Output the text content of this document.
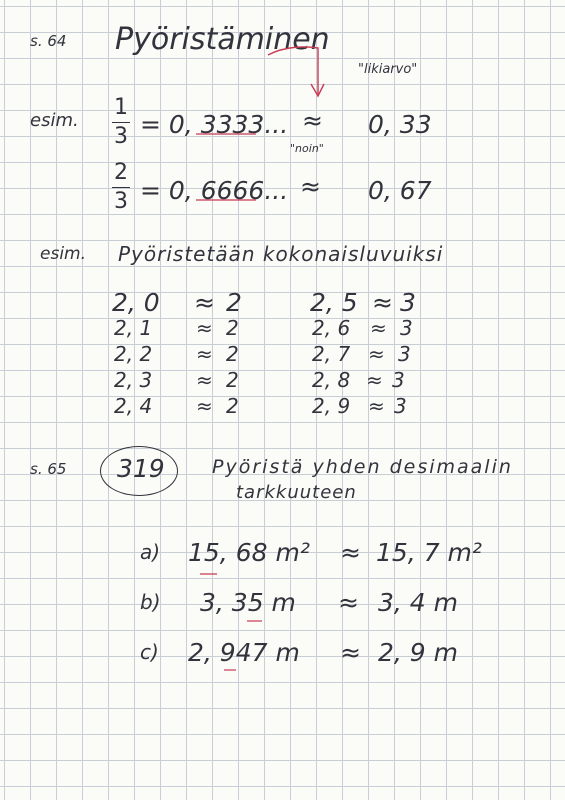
s. 64 Pyöristäminen
"likiarvo"
esim.
1
3 = 0, 3333... ≈
"noin"
0, 33
2
3 = 0, 6666... ≈ 0, 67
esim. Pyöristetään kokonaisluvuiksi
2, 0 ≈ 2
2, 1 ≈ 2
2, 2 ≈ 2
2, 3 ≈ 2
2, 4 ≈ 2
2, 5 ≈ 3
2, 6 ≈ 3
2, 7 ≈ 3
2, 8 ≈ 3
2, 9 ≈ 3
s. 65 319 Pyöristä yhden desimaalin
tarkkuuteen
a) 15, 68 m² ≈ 15, 7 m²
b) 3, 35 m ≈ 3, 4 m
c) 2, 947 m ≈ 2, 9 m
